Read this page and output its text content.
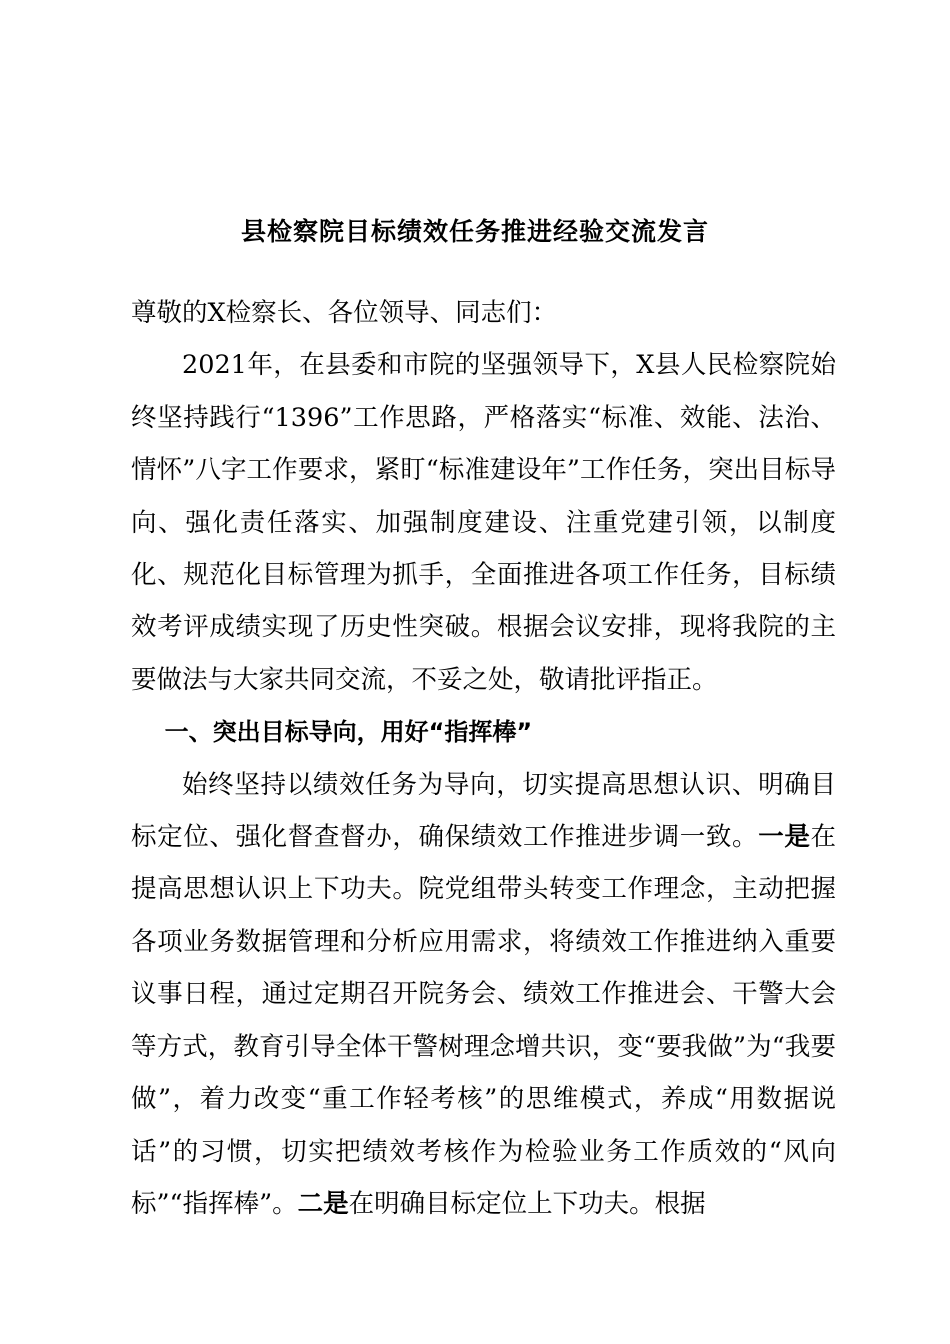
县检察院目标绩效任务推进经验交流发言

尊敬的X检察长、各位领导、同志们：

2021年，在县委和市院的坚强领导下，X县人民检察院始终坚持践行“1396”工作思路，严格落实“标准、效能、法治、情怀”八字工作要求，紧盯“标准建设年”工作任务，突出目标导向、强化责任落实、加强制度建设、注重党建引领，以制度化、规范化目标管理为抓手，全面推进各项工作任务，目标绩效考评成绩实现了历史性突破。根据会议安排，现将我院的主要做法与大家共同交流，不妥之处，敬请批评指正。

一、突出目标导向，用好“指挥棒”

始终坚持以绩效任务为导向，切实提高思想认识、明确目标定位、强化督查督办，确保绩效工作推进步调一致。一是在提高思想认识上下功夫。院党组带头转变工作理念，主动把握各项业务数据管理和分析应用需求，将绩效工作推进纳入重要议事日程，通过定期召开院务会、绩效工作推进会、干警大会等方式，教育引导全体干警树理念增共识，变“要我做”为“我要做”，着力改变“重工作轻考核”的思维模式，养成“用数据说话”的习惯，切实把绩效考核作为检验业务工作质效的“风向标”“指挥棒”。二是在明确目标定位上下功夫。根据
